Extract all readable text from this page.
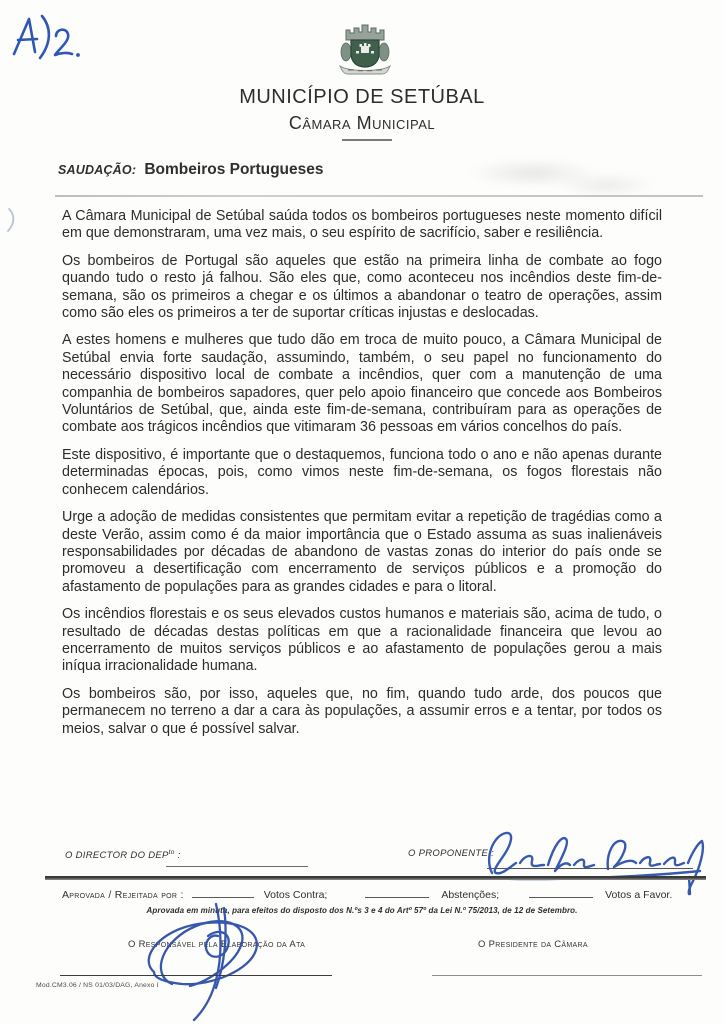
MUNICÍPIO DE SETÚBAL
Câmara Municipal
SAUDAÇÃO: Bombeiros Portugueses

A Câmara Municipal de Setúbal saúda todos os bombeiros portugueses neste momento difícil em que demonstraram, uma vez mais, o seu espírito de sacrifício, saber e resiliência.

Os bombeiros de Portugal são aqueles que estão na primeira linha de combate ao fogo quando tudo o resto já falhou. São eles que, como aconteceu nos incêndios deste fim-de-semana, são os primeiros a chegar e os últimos a abandonar o teatro de operações, assim como são eles os primeiros a ter de suportar críticas injustas e deslocadas.

A estes homens e mulheres que tudo dão em troca de muito pouco, a Câmara Municipal de Setúbal envia forte saudação, assumindo, também, o seu papel no funcionamento do necessário dispositivo local de combate a incêndios, quer com a manutenção de uma companhia de bombeiros sapadores, quer pelo apoio financeiro que concede aos Bombeiros Voluntários de Setúbal, que, ainda este fim-de-semana, contribuíram para as operações de combate aos trágicos incêndios que vitimaram 36 pessoas em vários concelhos do país.

Este dispositivo, é importante que o destaquemos, funciona todo o ano e não apenas durante determinadas épocas, pois, como vimos neste fim-de-semana, os fogos florestais não conhecem calendários.

Urge a adoção de medidas consistentes que permitam evitar a repetição de tragédias como a deste Verão, assim como é da maior importância que o Estado assuma as suas inalienáveis responsabilidades por décadas de abandono de vastas zonas do interior do país onde se promoveu a desertificação com encerramento de serviços públicos e a promoção do afastamento de populações para as grandes cidades e para o litoral.

Os incêndios florestais e os seus elevados custos humanos e materiais são, acima de tudo, o resultado de décadas destas políticas em que a racionalidade financeira que levou ao encerramento de muitos serviços públicos e ao afastamento de populações gerou a mais iníqua irracionalidade humana.

Os bombeiros são, por isso, aqueles que, no fim, quando tudo arde, dos poucos que permanecem no terreno a dar a cara às populações, a assumir erros e a tentar, por todos os meios, salvar o que é possível salvar.

O DIRECTOR DO $DEP^{to}$ :	O PROPONENTE :
Aprovada / Rejeitada por :	Votos Contra;	Abstenções;	Votos a Favor.
Aprovada em minuta, para efeitos do disposto dos N.ºs 3 e 4 do Artº 57º da Lei N.º 75/2013, de 12 de Setembro.
O Responsável pela Elaboração da Ata	O Presidente da Câmara
Mod.CM3.06 / NS 01/03/DAG, Anexo I
